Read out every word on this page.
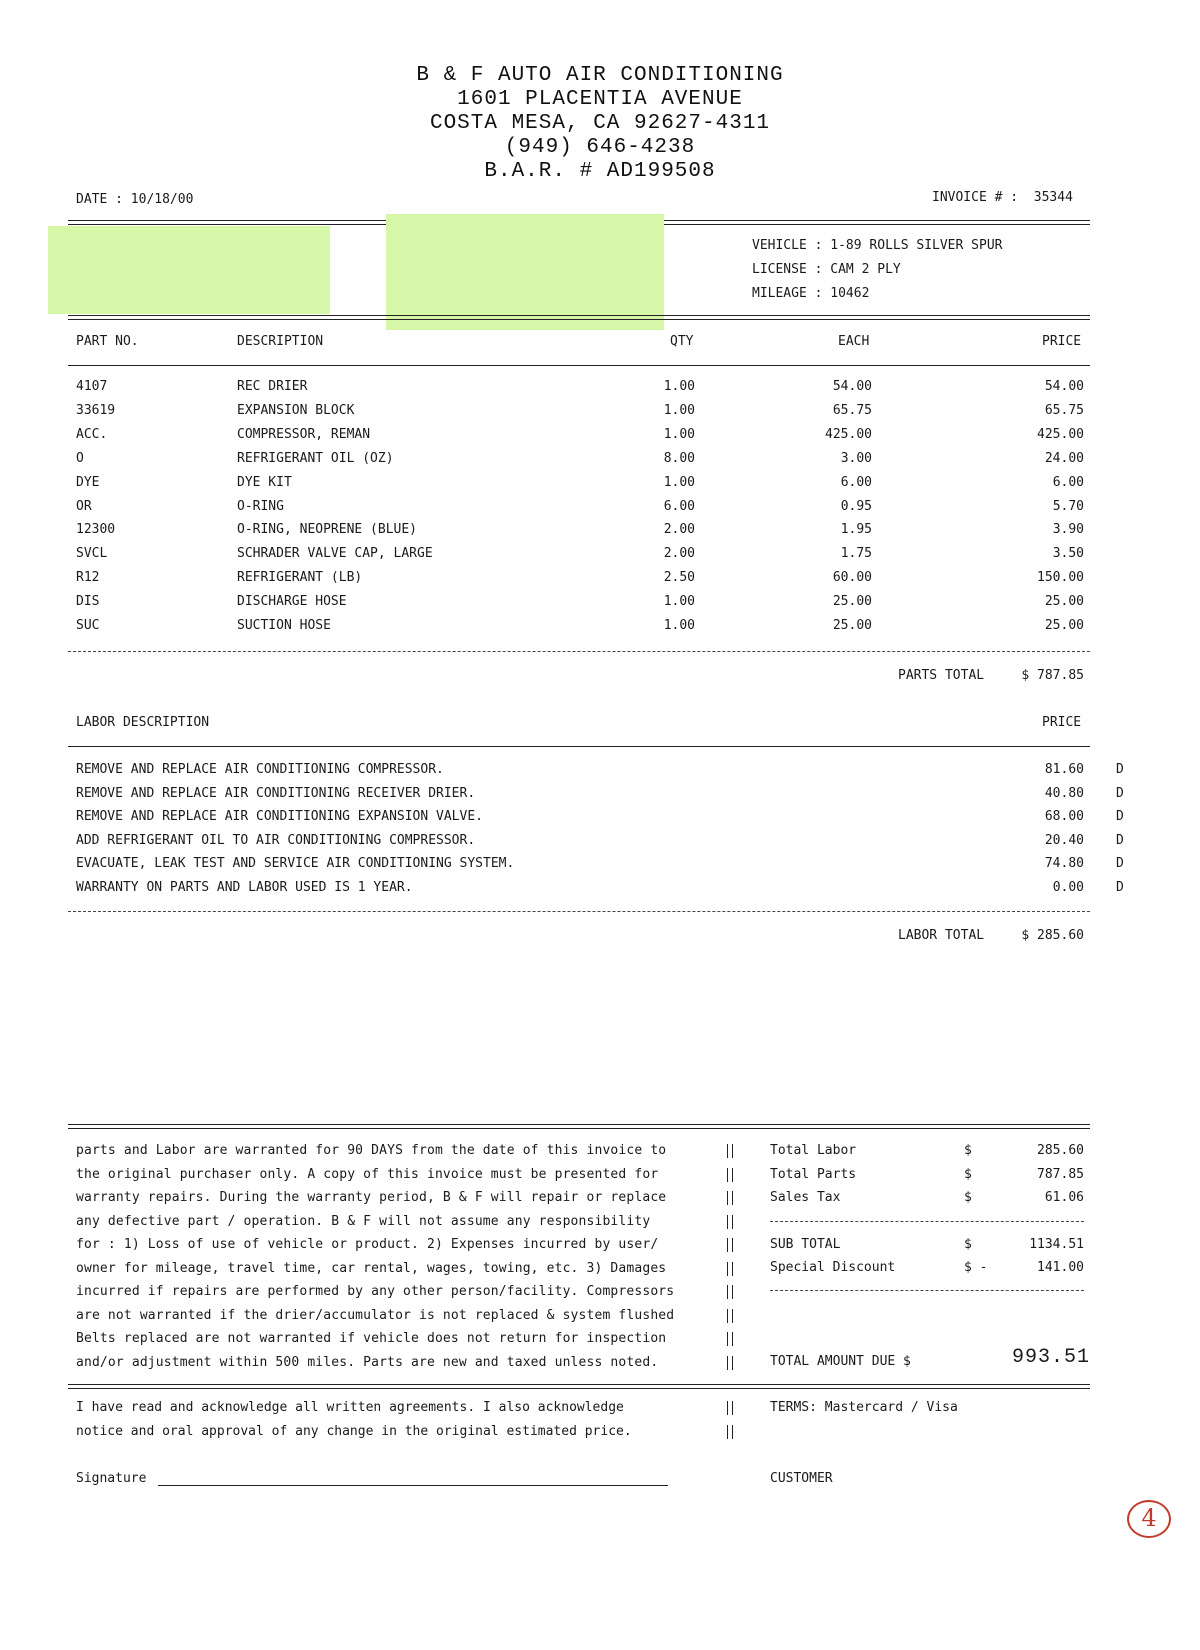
B & F AUTO AIR CONDITIONING
1601 PLACENTIA AVENUE
COSTA MESA, CA 92627-4311
(949) 646-4238
B.A.R. # AD199508
DATE : 10/18/00	INVOICE # :  35344
VEHICLE : 1-89 ROLLS SILVER SPUR
LICENSE : CAM 2 PLY
MILEAGE : 10462
PART NO.	DESCRIPTION	QTY	EACH	PRICE
4107	REC DRIER	1.00	54.00	54.00
33619	EXPANSION BLOCK	1.00	65.75	65.75
ACC.	COMPRESSOR, REMAN	1.00	425.00	425.00
O	REFRIGERANT OIL (OZ)	8.00	3.00	24.00
DYE	DYE KIT	1.00	6.00	6.00
OR	O-RING	6.00	0.95	5.70
12300	O-RING, NEOPRENE (BLUE)	2.00	1.95	3.90
SVCL	SCHRADER VALVE CAP, LARGE	2.00	1.75	3.50
R12	REFRIGERANT (LB)	2.50	60.00	150.00
DIS	DISCHARGE HOSE	1.00	25.00	25.00
SUC	SUCTION HOSE	1.00	25.00	25.00
PARTS TOTAL	$ 787.85
LABOR DESCRIPTION	PRICE
REMOVE AND REPLACE AIR CONDITIONING COMPRESSOR.	81.60 D
REMOVE AND REPLACE AIR CONDITIONING RECEIVER DRIER.	40.80 D
REMOVE AND REPLACE AIR CONDITIONING EXPANSION VALVE.	68.00 D
ADD REFRIGERANT OIL TO AIR CONDITIONING COMPRESSOR.	20.40 D
EVACUATE, LEAK TEST AND SERVICE AIR CONDITIONING SYSTEM.	74.80 D
WARRANTY ON PARTS AND LABOR USED IS 1 YEAR.	0.00 D
LABOR TOTAL	$ 285.60
parts and Labor are warranted for 90 DAYS from the date of this invoice to
the original purchaser only. A copy of this invoice must be presented for
warranty repairs. During the warranty period, B & F will repair or replace
any defective part / operation. B & F will not assume any responsibility
for : 1) Loss of use of vehicle or product. 2) Expenses incurred by user/
owner for mileage, travel time, car rental, wages, towing, etc. 3) Damages
incurred if repairs are performed by any other person/facility. Compressors
are not warranted if the drier/accumulator is not replaced & system flushed
Belts replaced are not warranted if vehicle does not return for inspection
and/or adjustment within 500 miles. Parts are new and taxed unless noted.
Total Labor	$	285.60
Total Parts	$	787.85
Sales Tax	$	61.06
SUB TOTAL	$	1134.51
Special Discount	$ -	141.00
TOTAL AMOUNT DUE $	993.51
I have read and acknowledge all written agreements. I also acknowledge
notice and oral approval of any change in the original estimated price.
TERMS: Mastercard / Visa
Signature	CUSTOMER
4
